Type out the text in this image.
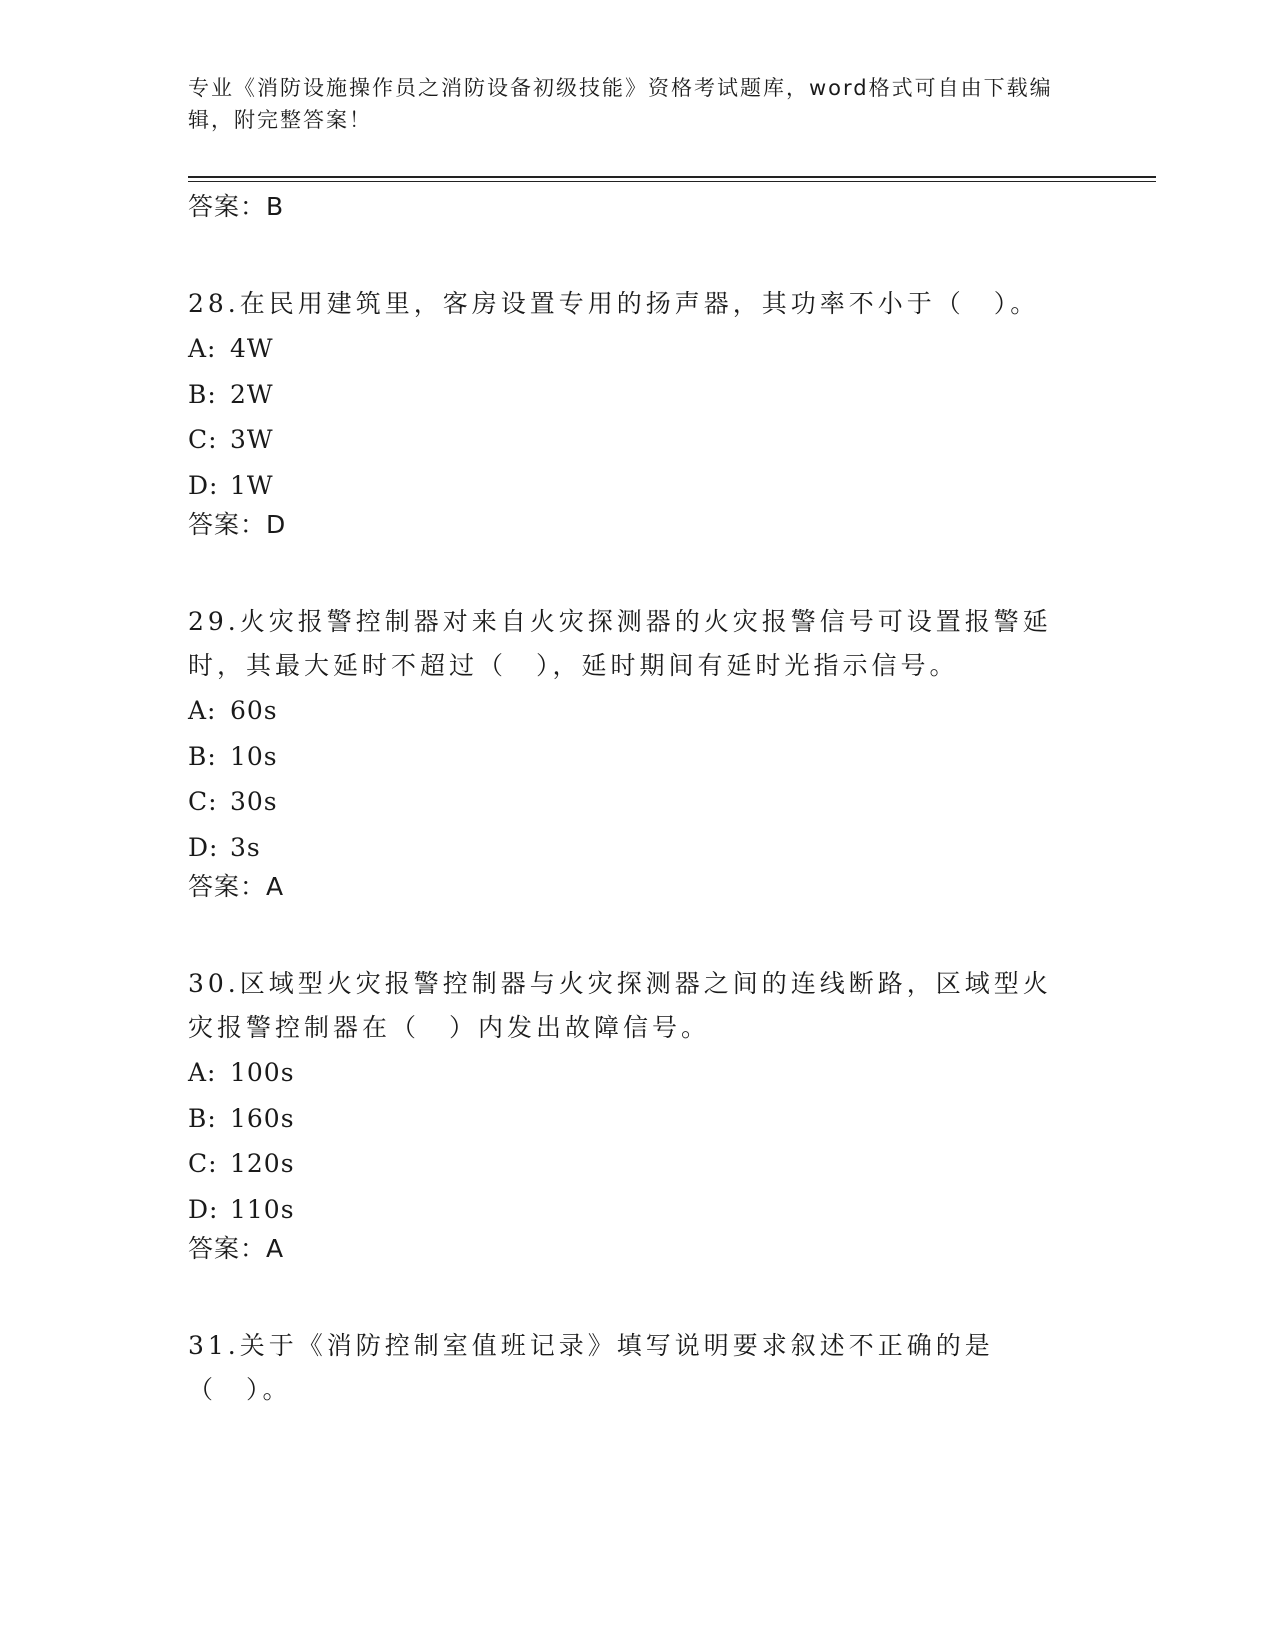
专业《消防设施操作员之消防设备初级技能》资格考试题库，word格式可自由下载编辑，附完整答案！
答案：B
28.在民用建筑里，客房设置专用的扬声器，其功率不小于（　）。
A: 4W
B: 2W
C: 3W
D: 1W
答案：D
29.火灾报警控制器对来自火灾探测器的火灾报警信号可设置报警延时，其最大延时不超过（　），延时期间有延时光指示信号。
A: 60s
B: 10s
C: 30s
D: 3s
答案：A
30.区域型火灾报警控制器与火灾探测器之间的连线断路，区域型火灾报警控制器在（　）内发出故障信号。
A: 100s
B: 160s
C: 120s
D: 110s
答案：A
31.关于《消防控制室值班记录》填写说明要求叙述不正确的是（　）。
